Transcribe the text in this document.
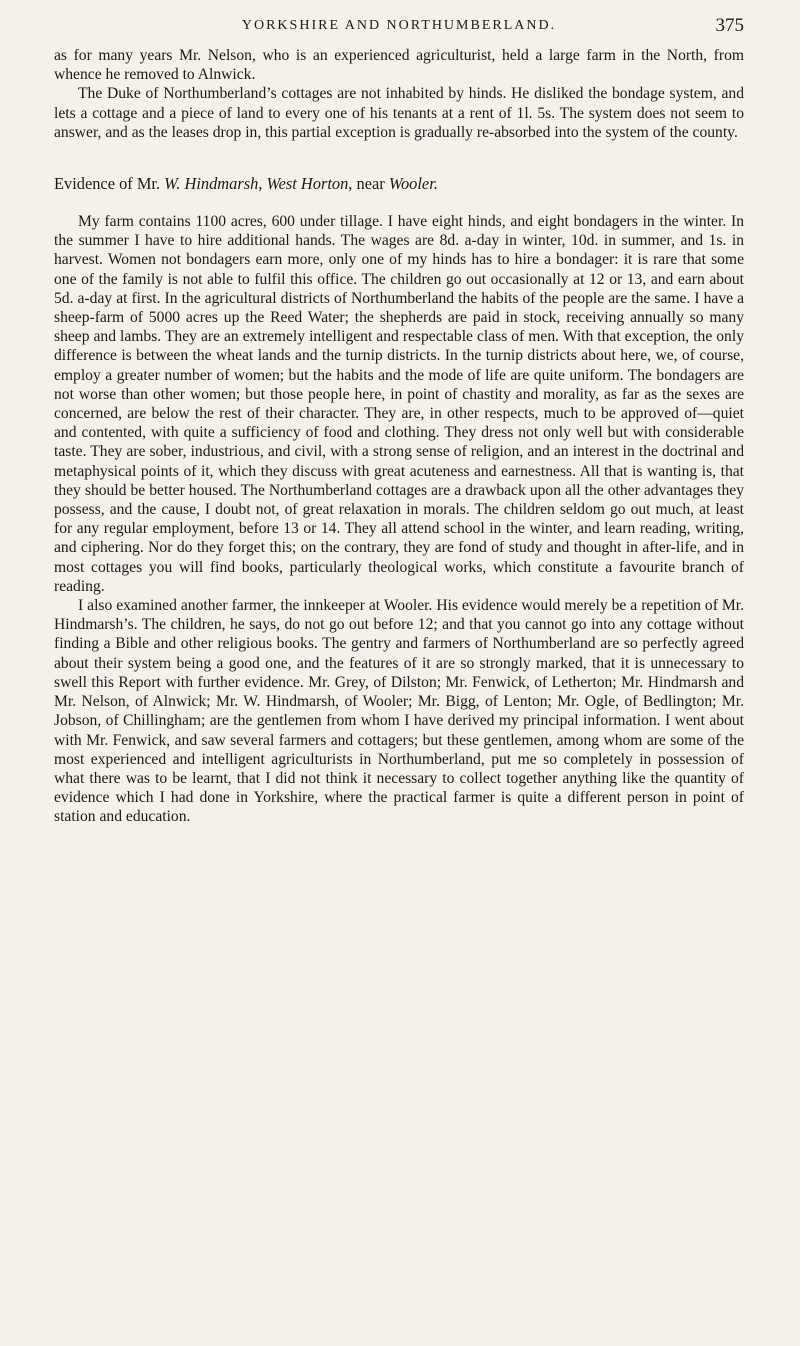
YORKSHIRE AND NORTHUMBERLAND.	375

as for many years Mr. Nelson, who is an experienced agriculturist, held a large farm in the North, from whence he removed to Alnwick.

The Duke of Northumberland’s cottages are not inhabited by hinds. He disliked the bondage system, and lets a cottage and a piece of land to every one of his tenants at a rent of 1l. 5s. The system does not seem to answer, and as the leases drop in, this partial exception is gradually re-absorbed into the system of the county.

Evidence of Mr. W. Hindmarsh, West Horton, near Wooler.

My farm contains 1100 acres, 600 under tillage. I have eight hinds, and eight bondagers in the winter. In the summer I have to hire additional hands. The wages are 8d. a-day in winter, 10d. in summer, and 1s. in harvest. Women not bondagers earn more, only one of my hinds has to hire a bondager: it is rare that some one of the family is not able to fulfil this office. The children go out occasionally at 12 or 13, and earn about 5d. a-day at first. In the agricultural districts of Northumberland the habits of the people are the same. I have a sheep-farm of 5000 acres up the Reed Water; the shepherds are paid in stock, receiving annually so many sheep and lambs. They are an extremely intelligent and respectable class of men. With that exception, the only difference is between the wheat lands and the turnip districts. In the turnip districts about here, we, of course, employ a greater number of women; but the habits and the mode of life are quite uniform. The bondagers are not worse than other women; but those people here, in point of chastity and morality, as far as the sexes are concerned, are below the rest of their character. They are, in other respects, much to be approved of—quiet and contented, with quite a sufficiency of food and clothing. They dress not only well but with considerable taste. They are sober, industrious, and civil, with a strong sense of religion, and an interest in the doctrinal and metaphysical points of it, which they discuss with great acuteness and earnestness. All that is wanting is, that they should be better housed. The Northumberland cottages are a drawback upon all the other advantages they possess, and the cause, I doubt not, of great relaxation in morals. The children seldom go out much, at least for any regular employment, before 13 or 14. They all attend school in the winter, and learn reading, writing, and ciphering. Nor do they forget this; on the contrary, they are fond of study and thought in after-life, and in most cottages you will find books, particularly theological works, which constitute a favourite branch of reading.

I also examined another farmer, the innkeeper at Wooler. His evidence would merely be a repetition of Mr. Hindmarsh’s. The children, he says, do not go out before 12; and that you cannot go into any cottage without finding a Bible and other religious books. The gentry and farmers of Northumberland are so perfectly agreed about their system being a good one, and the features of it are so strongly marked, that it is unnecessary to swell this Report with further evidence. Mr. Grey, of Dilston; Mr. Fenwick, of Letherton; Mr. Hindmarsh and Mr. Nelson, of Alnwick; Mr. W. Hindmarsh, of Wooler; Mr. Bigg, of Lenton; Mr. Ogle, of Bedlington; Mr. Jobson, of Chillingham; are the gentlemen from whom I have derived my principal information. I went about with Mr. Fenwick, and saw several farmers and cottagers; but these gentlemen, among whom are some of the most experienced and intelligent agriculturists in Northumberland, put me so completely in possession of what there was to be learnt, that I did not think it necessary to collect together anything like the quantity of evidence which I had done in Yorkshire, where the practical farmer is quite a different person in point of station and education.
